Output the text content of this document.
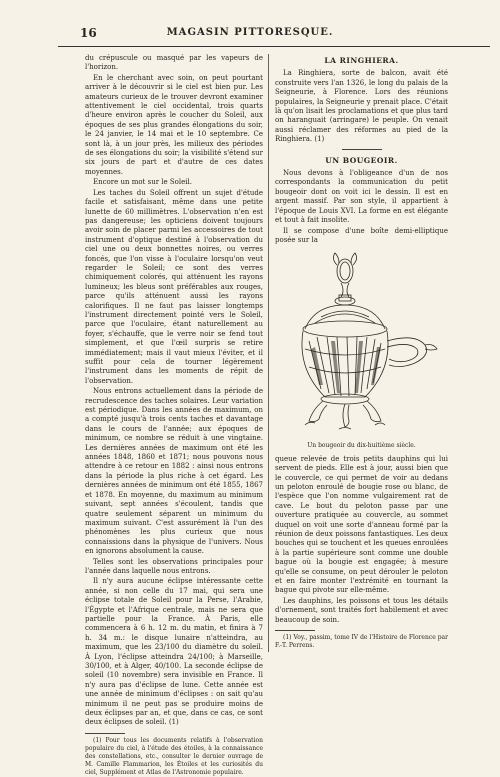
16	MAGASIN PITTORESQUE.

du crépuscule ou masqué par les vapeurs de l'horizon.

En le cherchant avec soin, on peut pourtant arriver à le découvrir si le ciel est bien pur. Les amateurs curieux de le trouver devront examiner attentivement le ciel occidental, trois quarts d'heure environ après le coucher du Soleil, aux époques de ses plus grandes élongations du soir, le 24 janvier, le 14 mai et le 10 septembre. Ce sont là, à un jour près, les milieux des périodes de ses élongations du soir; la visibilité s'étend sur six jours de part et d'autre de ces dates moyennes.

Encore un mot sur le Soleil.

Les taches du Soleil offrent un sujet d'étude facile et satisfaisant, même dans une petite lunette de 60 millimètres. L'observation n'en est pas dangereuse; les opticiens doivent toujours avoir soin de placer parmi les accessoires de tout instrument d'optique destiné à l'observation du ciel une ou deux bonnettes noires, ou verres foncés, que l'on visse à l'oculaire lorsqu'on veut regarder le Soleil; ce sont des verres chimiquement colorés, qui atténuent les rayons lumineux; les bleus sont préférables aux rouges, parce qu'ils atténuent aussi les rayons calorifiques. Il ne faut pas laisser longtemps l'instrument directement pointé vers le Soleil, parce que l'oculaire, étant naturellement au foyer, s'échauffe, que le verre noir se fend tout simplement, et que l'œil surpris se retire immédiatement; mais il vaut mieux l'éviter, et il suffit pour cela de tourner légèrement l'instrument dans les moments de répit de l'observation.

Nous entrons actuellement dans la période de recrudescence des taches solaires. Leur variation est périodique. Dans les années de maximum, on a compté jusqu'à trois cents taches et davantage dans le cours de l'année; aux époques de minimum, ce nombre se réduit à une vingtaine. Les dernières années de maximum ont été les années 1848, 1860 et 1871; nous pouvons nous attendre à ce retour en 1882 : ainsi nous entrons dans la période la plus riche à cet égard. Les dernières années de minimum ont été 1855, 1867 et 1878. En moyenne, du maximum au minimum suivant, sept années s'écoulent, tandis que quatre seulement séparent un minimum du maximum suivant. C'est assurément là l'un des phénomènes les plus curieux que nous connaissions dans la physique de l'univers. Nous en ignorons absolument la cause.

Telles sont les observations principales pour l'année dans laquelle nous entrons.

Il n'y aura aucune éclipse intéressante cette année, si non celle du 17 mai, qui sera une éclipse totale de Soleil pour la Perse, l'Arabie, l'Égypte et l'Afrique centrale, mais ne sera que partielle pour la France. À Paris, elle commencera à 6 h. 12 m. du matin, et finira à 7 h. 34 m.: le disque lunaire n'atteindra, au maximum, que les 23/100 du diamètre du soleil. À Lyon, l'éclipse atteindra 24/100; à Marseille, 30/100, et à Alger, 40/100. La seconde éclipse de soleil (10 novembre) sera invisible en France. Il n'y aura pas d'éclipse de lune. Cette année est une année de minimum d'éclipses : on sait qu'au minimum il ne peut pas se produire moins de deux éclipses par an, et que, dans ce cas, ce sont deux éclipses de soleil. (1)

(1) Pour tous les documents relatifs à l'observation populaire du ciel, à l'étude des étoiles, à la connaissance des constellations, etc., consulter le dernier ouvrage de M. Camille Flammarion, les Étoiles et les curiosités du ciel, Supplément et Atlas de l'Astronomie populaire.

LA RINGHIERA.

La Ringhiera, sorte de balcon, avait été construite vers l'an 1326, le long du palais de la Seigneurie, à Florence. Lors des réunions populaires, la Seigneurie y prenait place. C'était là qu'on lisait les proclamations et que plus tard on haranguait (arringare) le peuple. On venait aussi réclamer des réformes au pied de la Ringhiera. (1)

UN BOUGEOIR.

Nous devons à l'obligeance d'un de nos correspondants la communication du petit bougeoir dont on voit ici le dessin. Il est en argent massif. Par son style, il appartient à l'époque de Louis XVI. La forme en est élégante et tout à fait insolite.

Il se compose d'une boîte demi-elliptique posée sur la

Un bougeoir du dix-huitième siècle.

queue relevée de trois petits dauphins qui lui servent de pieds. Elle est à jour, aussi bien que le couvercle, ce qui permet de voir au dedans un peloton enroulé de bougie rose ou blanc, de l'espèce que l'on nomme vulgairement rat de cave. Le bout du peloton passe par une ouverture pratiquée au couvercle, au sommet duquel on voit une sorte d'anneau formé par la réunion de deux poissons fantastiques. Les deux bouches qui se touchent et les queues enroulées à la partie supérieure sont comme une double bague où la bougie est engagée; à mesure qu'elle se consume, on peut dérouler le peloton et en faire monter l'extrémité en tournant la bague qui pivote sur elle-même.

Les dauphins, les poissons et tous les détails d'ornement, sont traités fort habilement et avec beaucoup de soin.

(1) Voy., passim, tome IV de l'Histoire de Florence par F.-T. Perrens.
